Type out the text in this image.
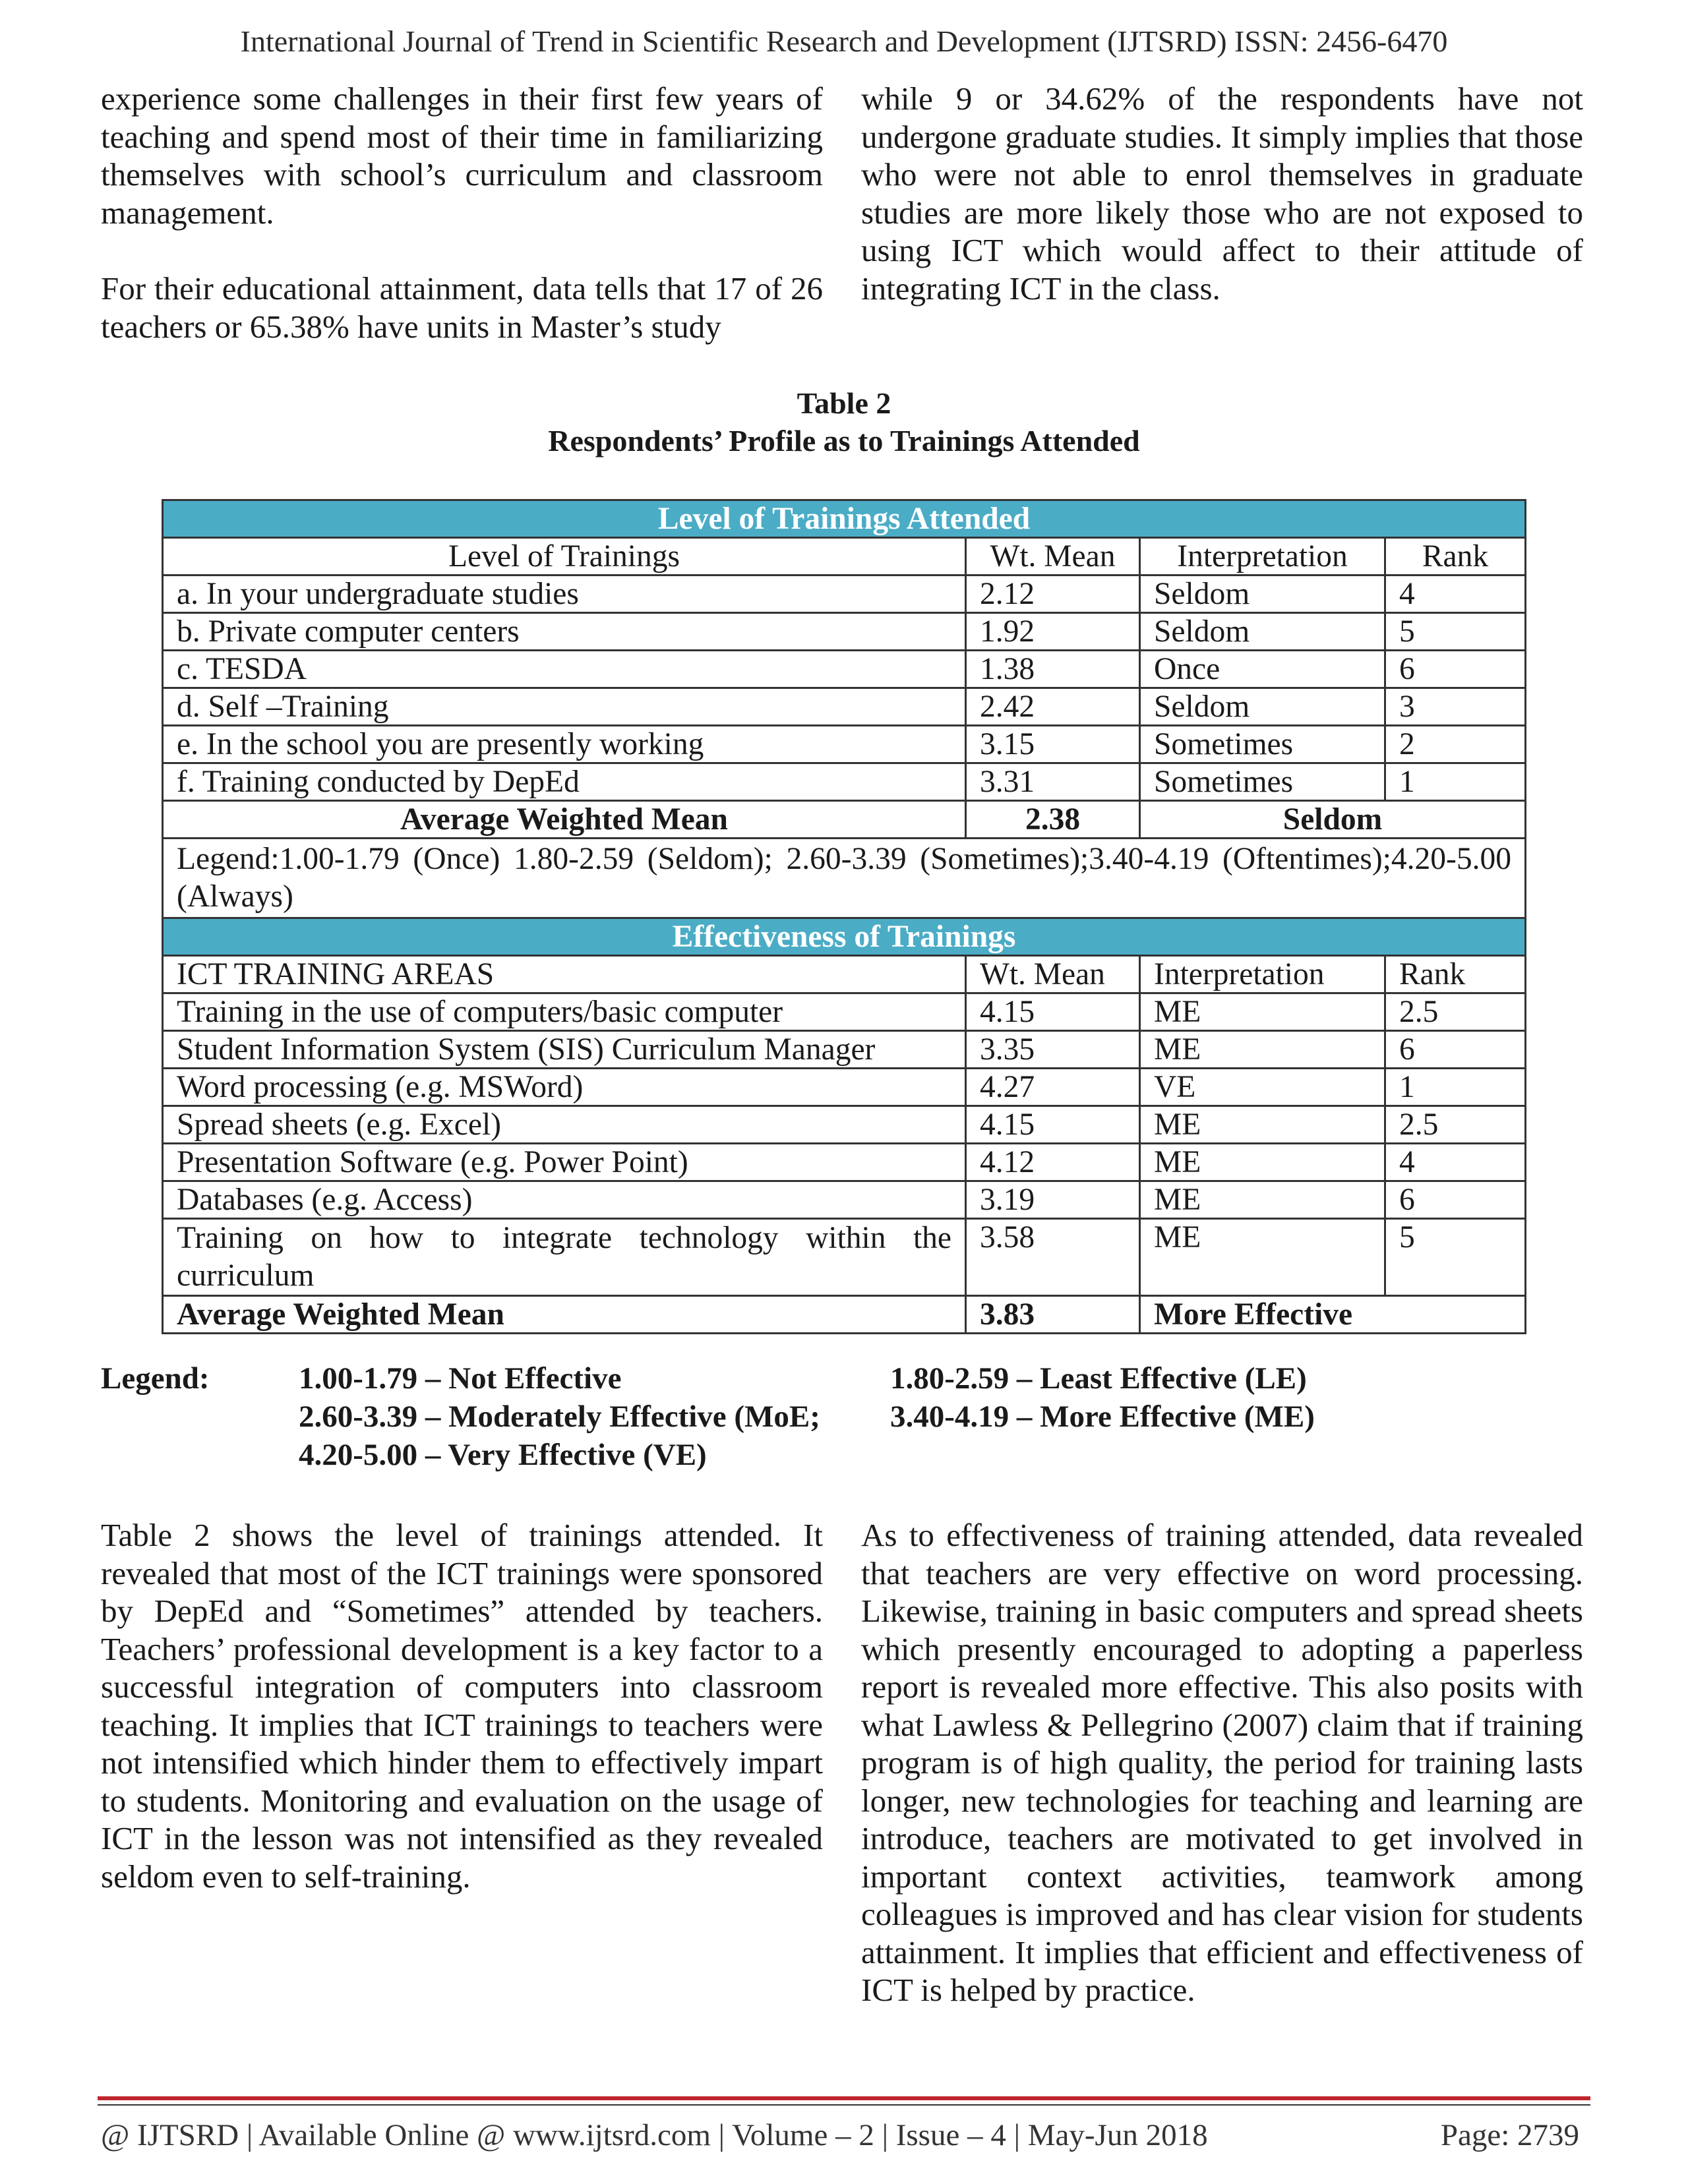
International Journal of Trend in Scientific Research and Development (IJTSRD) ISSN: 2456-6470

experience some challenges in their first few years of teaching and spend most of their time in familiarizing themselves with school’s curriculum and classroom management.

For their educational attainment, data tells that 17 of 26 teachers or 65.38% have units in Master’s study

while 9 or 34.62% of the respondents have not undergone graduate studies. It simply implies that those who were not able to enrol themselves in graduate studies are more likely those who are not exposed to using ICT which would affect to their attitude of integrating ICT in the class.

Table 2
Respondents’ Profile as to Trainings Attended
Level of Trainings Attended			
Level of Trainings	Wt. Mean	Interpretation	Rank
a. In your undergraduate studies	2.12	Seldom	4
b. Private computer centers	1.92	Seldom	5
c. TESDA	1.38	Once	6
d. Self –Training	2.42	Seldom	3
e. In the school you are presently working	3.15	Sometimes	2
f. Training conducted by DepEd	3.31	Sometimes	1
Average Weighted Mean	2.38	Seldom	
Legend:1.00-1.79 (Once) 1.80-2.59 (Seldom); 2.60-3.39 (Sometimes);3.40-4.19 (Oftentimes);4.20-5.00 (Always)			
Effectiveness of Trainings			
ICT TRAINING AREAS	Wt. Mean	Interpretation	Rank
Training in the use of computers/basic computer	4.15	ME	2.5
Student Information System (SIS) Curriculum Manager	3.35	ME	6
Word processing (e.g. MSWord)	4.27	VE	1
Spread sheets (e.g. Excel)	4.15	ME	2.5
Presentation Software (e.g. Power Point)	4.12	ME	4
Databases (e.g. Access)	3.19	ME	6
Training on how to integrate technology within the curriculum	3.58	ME	5
Average Weighted Mean	3.83	More Effective	
Legend:	1.00-1.79 – Not Effective	1.80-2.59 – Least Effective (LE)
2.60-3.39 – Moderately Effective (MoE; 3.40-4.19 – More Effective (ME)
4.20-5.00 – Very Effective (VE)

Table 2 shows the level of trainings attended. It revealed that most of the ICT trainings were sponsored by DepEd and “Sometimes” attended by teachers. Teachers’ professional development is a key factor to a successful integration of computers into classroom teaching. It implies that ICT trainings to teachers were not intensified which hinder them to effectively impart to students. Monitoring and evaluation on the usage of ICT in the lesson was not intensified as they revealed seldom even to self-training.

As to effectiveness of training attended, data revealed that teachers are very effective on word processing. Likewise, training in basic computers and spread sheets which presently encouraged to adopting a paperless report is revealed more effective. This also posits with what Lawless & Pellegrino (2007) claim that if training program is of high quality, the period for training lasts longer, new technologies for teaching and learning are introduce, teachers are motivated to get involved in important context activities, teamwork among colleagues is improved and has clear vision for students attainment. It implies that efficient and effectiveness of ICT is helped by practice.

@ IJTSRD | Available Online @ www.ijtsrd.com | Volume – 2 | Issue – 4 | May-Jun 2018	Page: 2739
